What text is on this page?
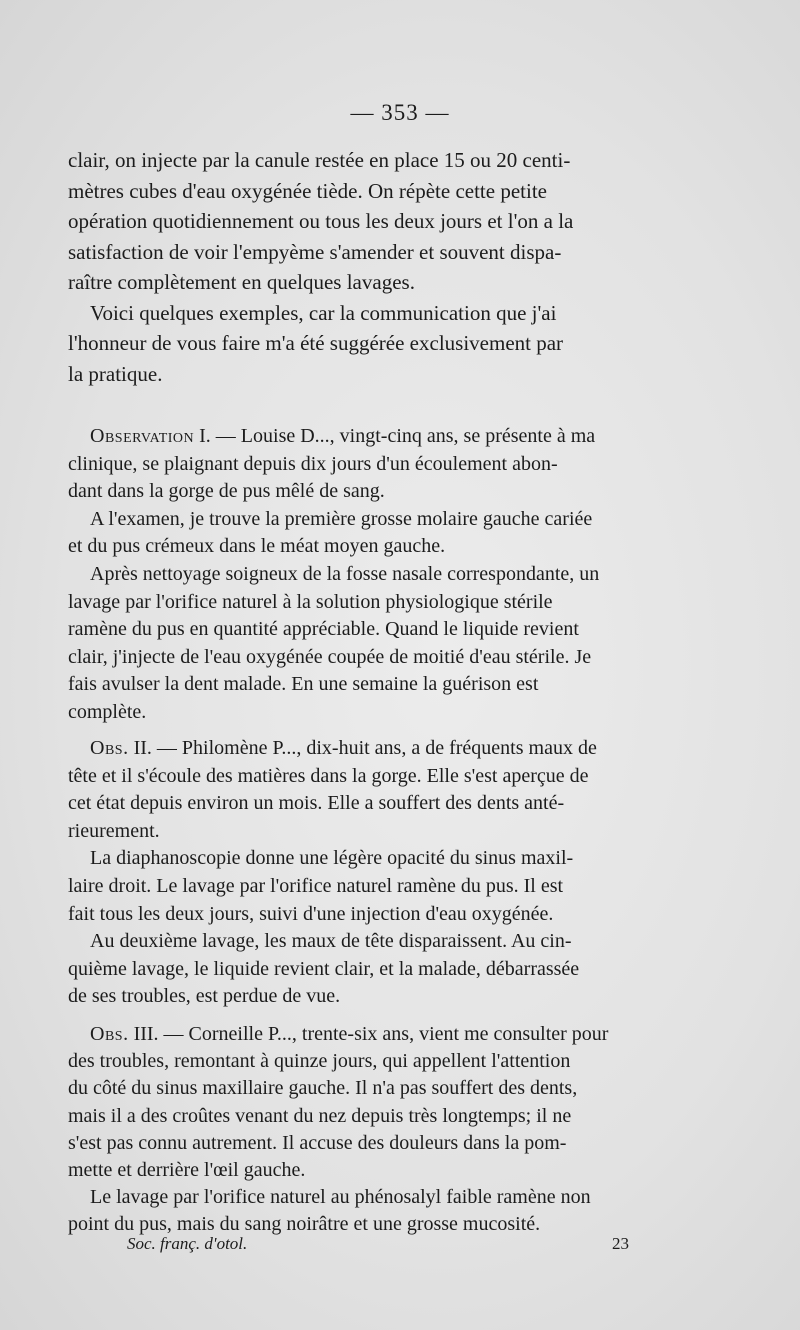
— 353 —
clair, on injecte par la canule restée en place 15 ou 20 centi-
mètres cubes d'eau oxygénée tiède. On répète cette petite
opération quotidiennement ou tous les deux jours et l'on a la
satisfaction de voir l'empyème s'amender et souvent dispa-
raître complètement en quelques lavages.
Voici quelques exemples, car la communication que j'ai
l'honneur de vous faire m'a été suggérée exclusivement par
la pratique.
Observation I. — Louise D..., vingt-cinq ans, se présente à ma
clinique, se plaignant depuis dix jours d'un écoulement abon-
dant dans la gorge de pus mêlé de sang.
A l'examen, je trouve la première grosse molaire gauche cariée
et du pus crémeux dans le méat moyen gauche.
Après nettoyage soigneux de la fosse nasale correspondante, un
lavage par l'orifice naturel à la solution physiologique stérile
ramène du pus en quantité appréciable. Quand le liquide revient
clair, j'injecte de l'eau oxygénée coupée de moitié d'eau stérile. Je
fais avulser la dent malade. En une semaine la guérison est
complète.
Obs. II. — Philomène P..., dix-huit ans, a de fréquents maux de
tête et il s'écoule des matières dans la gorge. Elle s'est aperçue de
cet état depuis environ un mois. Elle a souffert des dents anté-
rieurement.
La diaphanoscopie donne une légère opacité du sinus maxil-
laire droit. Le lavage par l'orifice naturel ramène du pus. Il est
fait tous les deux jours, suivi d'une injection d'eau oxygénée.
Au deuxième lavage, les maux de tête disparaissent. Au cin-
quième lavage, le liquide revient clair, et la malade, débarrassée
de ses troubles, est perdue de vue.
Obs. III. — Corneille P..., trente-six ans, vient me consulter pour
des troubles, remontant à quinze jours, qui appellent l'attention
du côté du sinus maxillaire gauche. Il n'a pas souffert des dents,
mais il a des croûtes venant du nez depuis très longtemps; il ne
s'est pas connu autrement. Il accuse des douleurs dans la pom-
mette et derrière l'œil gauche.
Le lavage par l'orifice naturel au phénosalyl faible ramène non
point du pus, mais du sang noirâtre et une grosse mucosité.
Soc. franç. d'otol.	23
